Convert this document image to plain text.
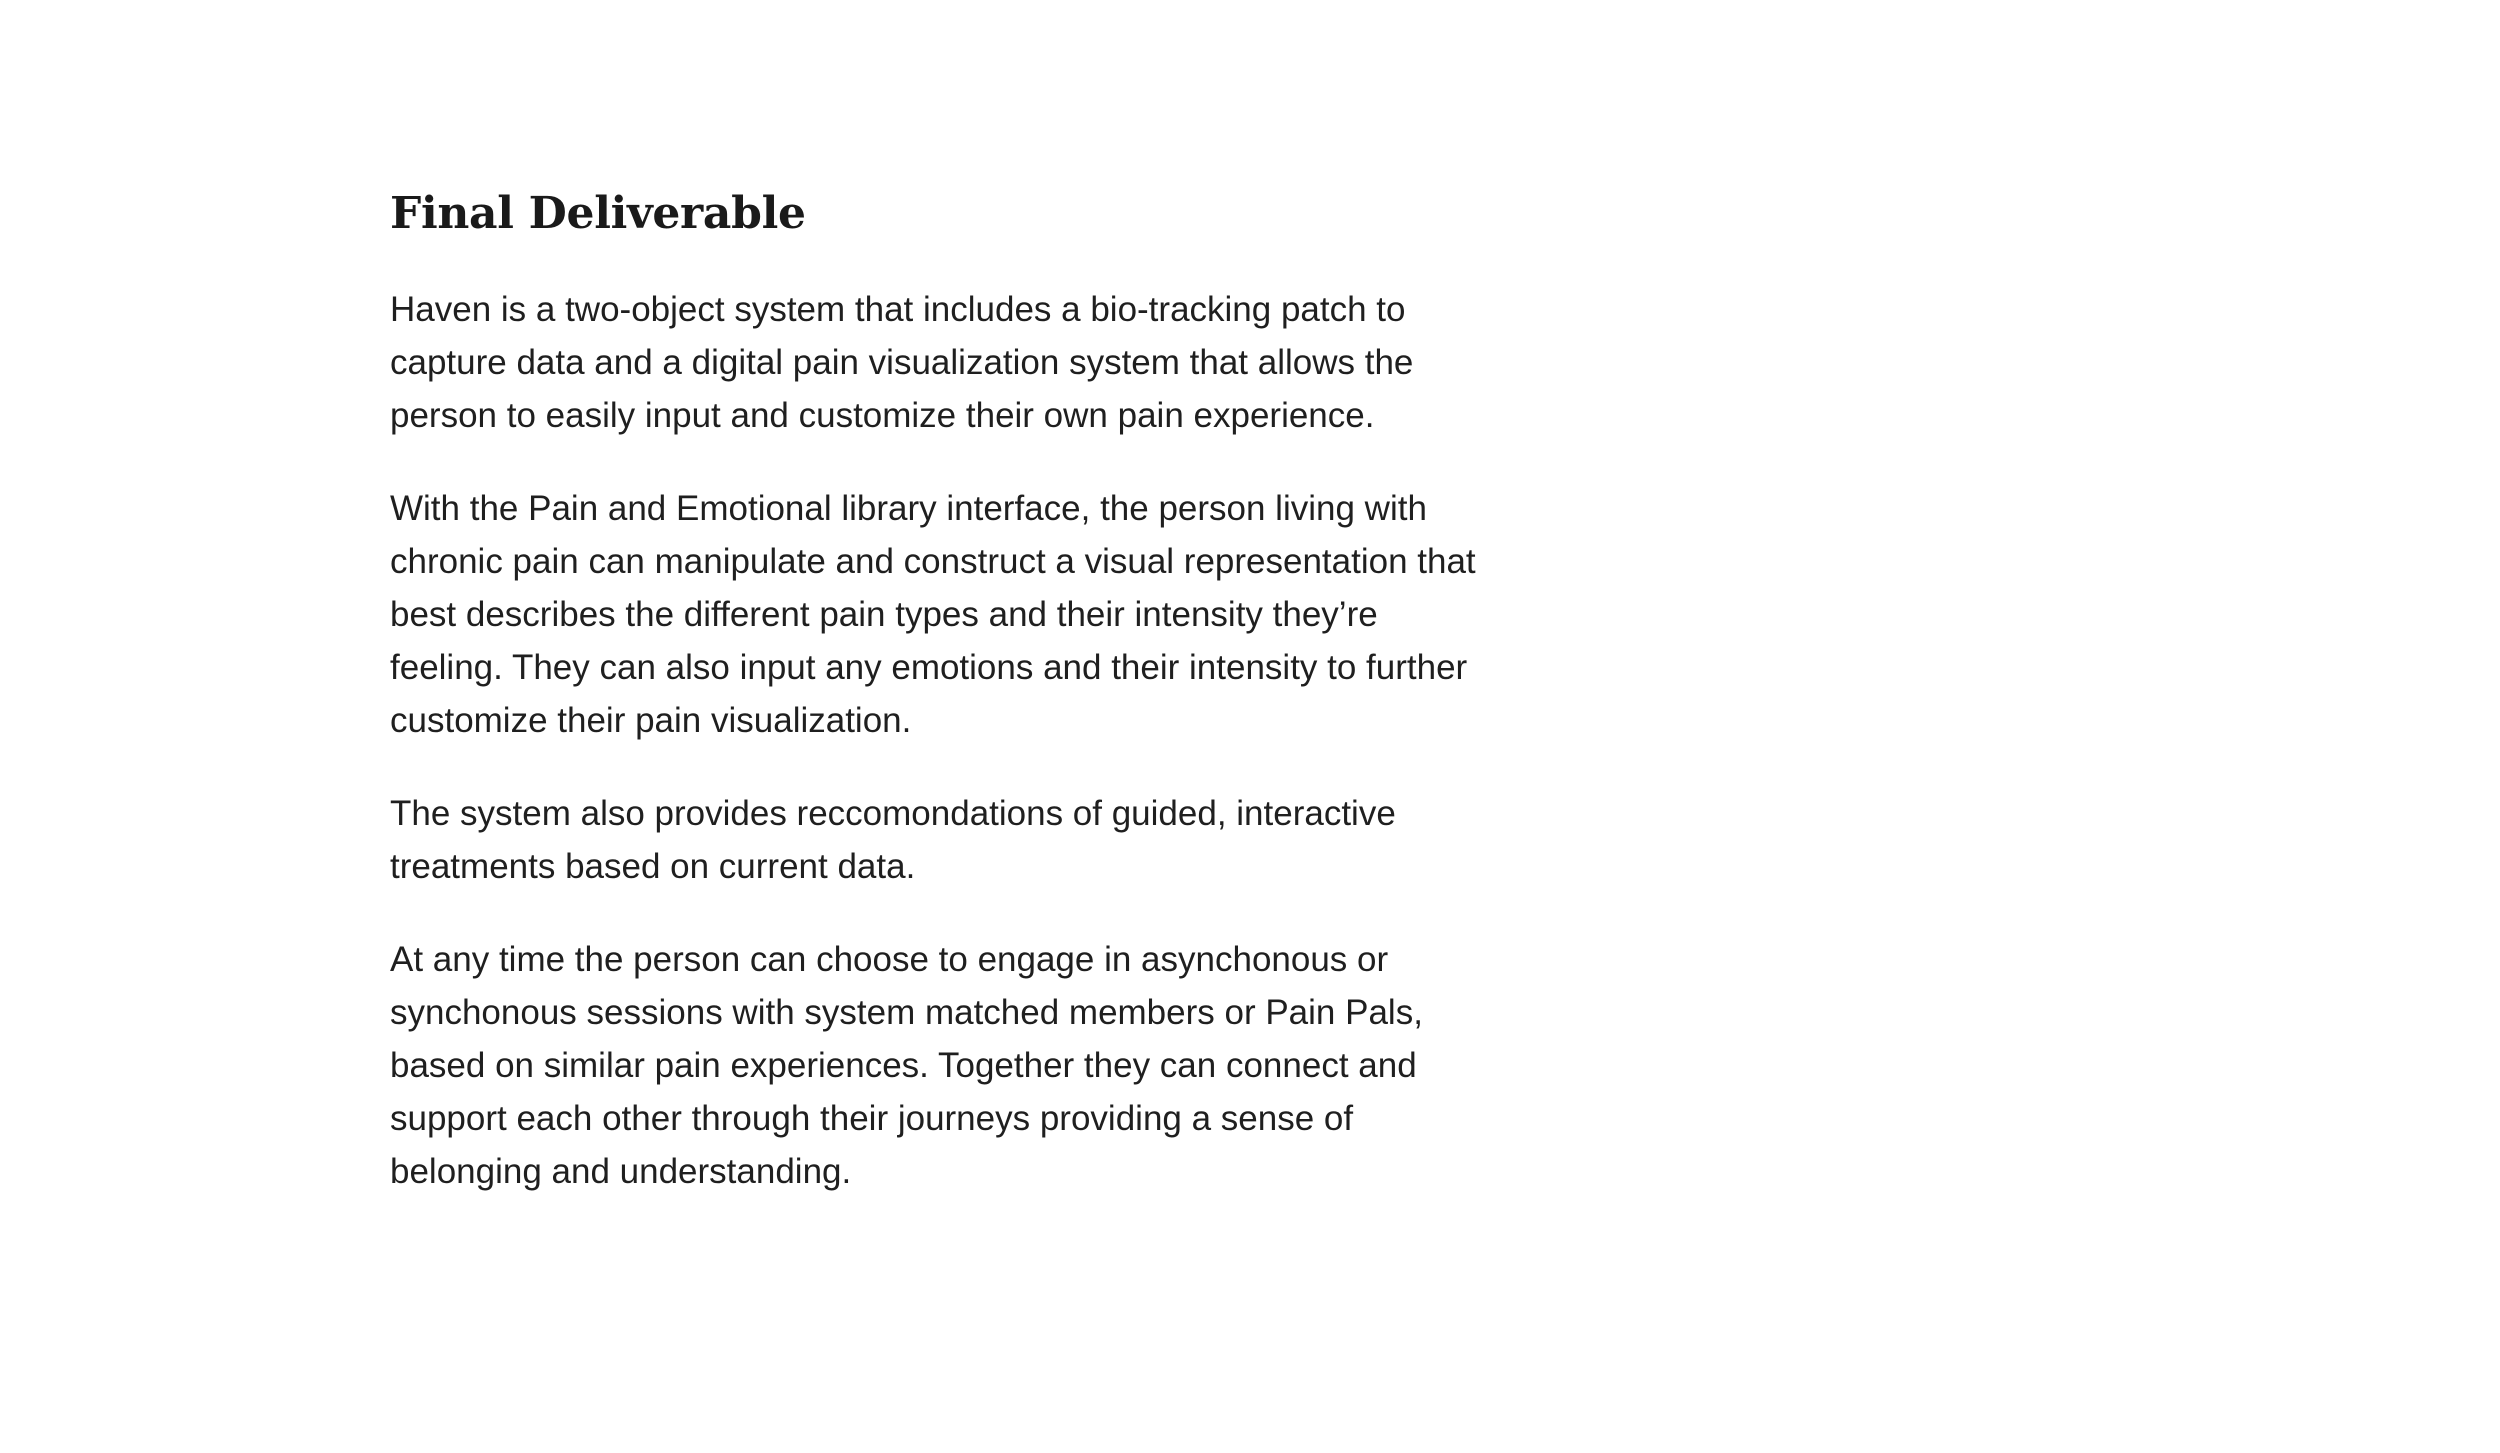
Final Deliverable

Haven is a two-object system that includes a bio-tracking patch to capture data and a digital pain visualization system that allows the person to easily input and customize their own pain experience.

With the Pain and Emotional library interface, the person living with chronic pain can manipulate and construct a visual representation that best describes the different pain types and their intensity they’re feeling. They can also input any emotions and their intensity to further customize their pain visualization.

The system also provides reccomondations of guided, interactive treatments based on current data.

At any time the person can choose to engage in asynchonous or synchonous sessions with system matched members or Pain Pals, based on similar pain experiences. Together they can connect and support each other through their journeys providing a sense of belonging and understanding.
